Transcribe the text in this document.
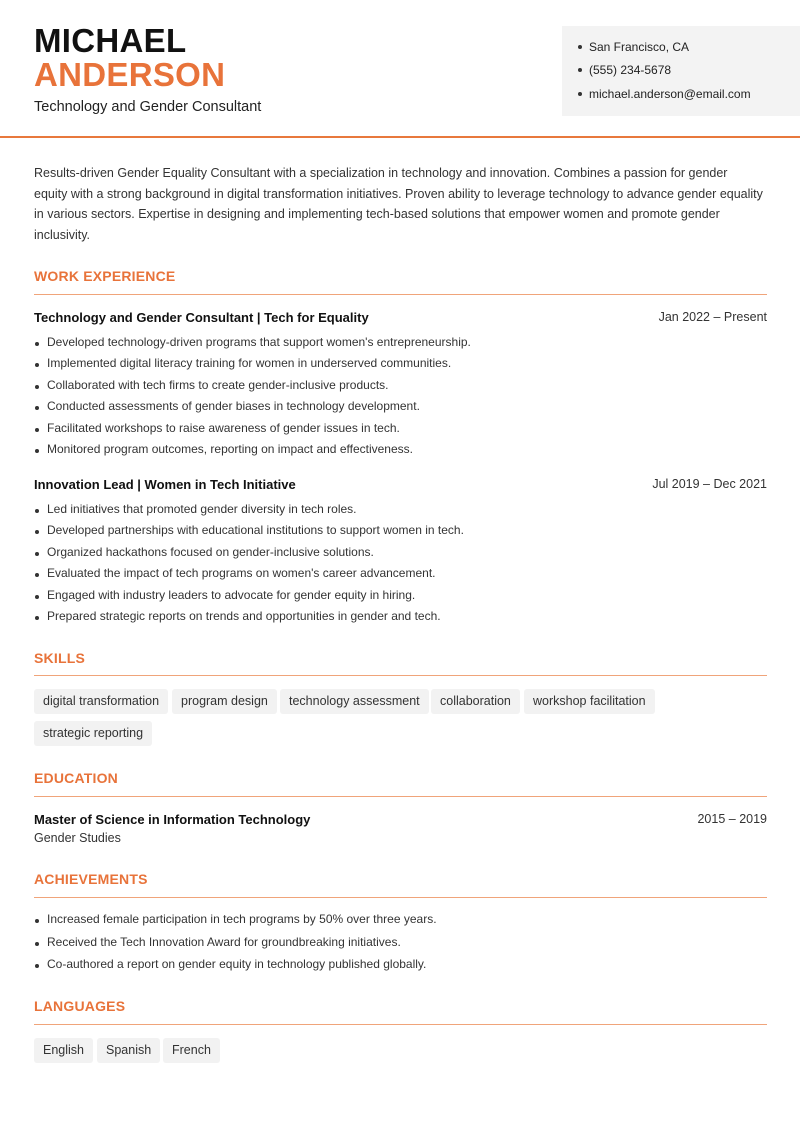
MICHAEL
ANDERSON
Technology and Gender Consultant
San Francisco, CA
(555) 234-5678
michael.anderson@email.com
Results-driven Gender Equality Consultant with a specialization in technology and innovation. Combines a passion for gender equity with a strong background in digital transformation initiatives. Proven ability to leverage technology to advance gender equality in various sectors. Expertise in designing and implementing tech-based solutions that empower women and promote gender inclusivity.
WORK EXPERIENCE
Technology and Gender Consultant | Tech for Equality	Jan 2022 – Present
Developed technology-driven programs that support women's entrepreneurship.
Implemented digital literacy training for women in underserved communities.
Collaborated with tech firms to create gender-inclusive products.
Conducted assessments of gender biases in technology development.
Facilitated workshops to raise awareness of gender issues in tech.
Monitored program outcomes, reporting on impact and effectiveness.
Innovation Lead | Women in Tech Initiative	Jul 2019 – Dec 2021
Led initiatives that promoted gender diversity in tech roles.
Developed partnerships with educational institutions to support women in tech.
Organized hackathons focused on gender-inclusive solutions.
Evaluated the impact of tech programs on women's career advancement.
Engaged with industry leaders to advocate for gender equity in hiring.
Prepared strategic reports on trends and opportunities in gender and tech.
SKILLS
digital transformation	program design	technology assessment	collaboration	workshop facilitation
strategic reporting
EDUCATION
Master of Science in Information Technology	2015 – 2019
Gender Studies
ACHIEVEMENTS
Increased female participation in tech programs by 50% over three years.
Received the Tech Innovation Award for groundbreaking initiatives.
Co-authored a report on gender equity in technology published globally.
LANGUAGES
English	Spanish	French
